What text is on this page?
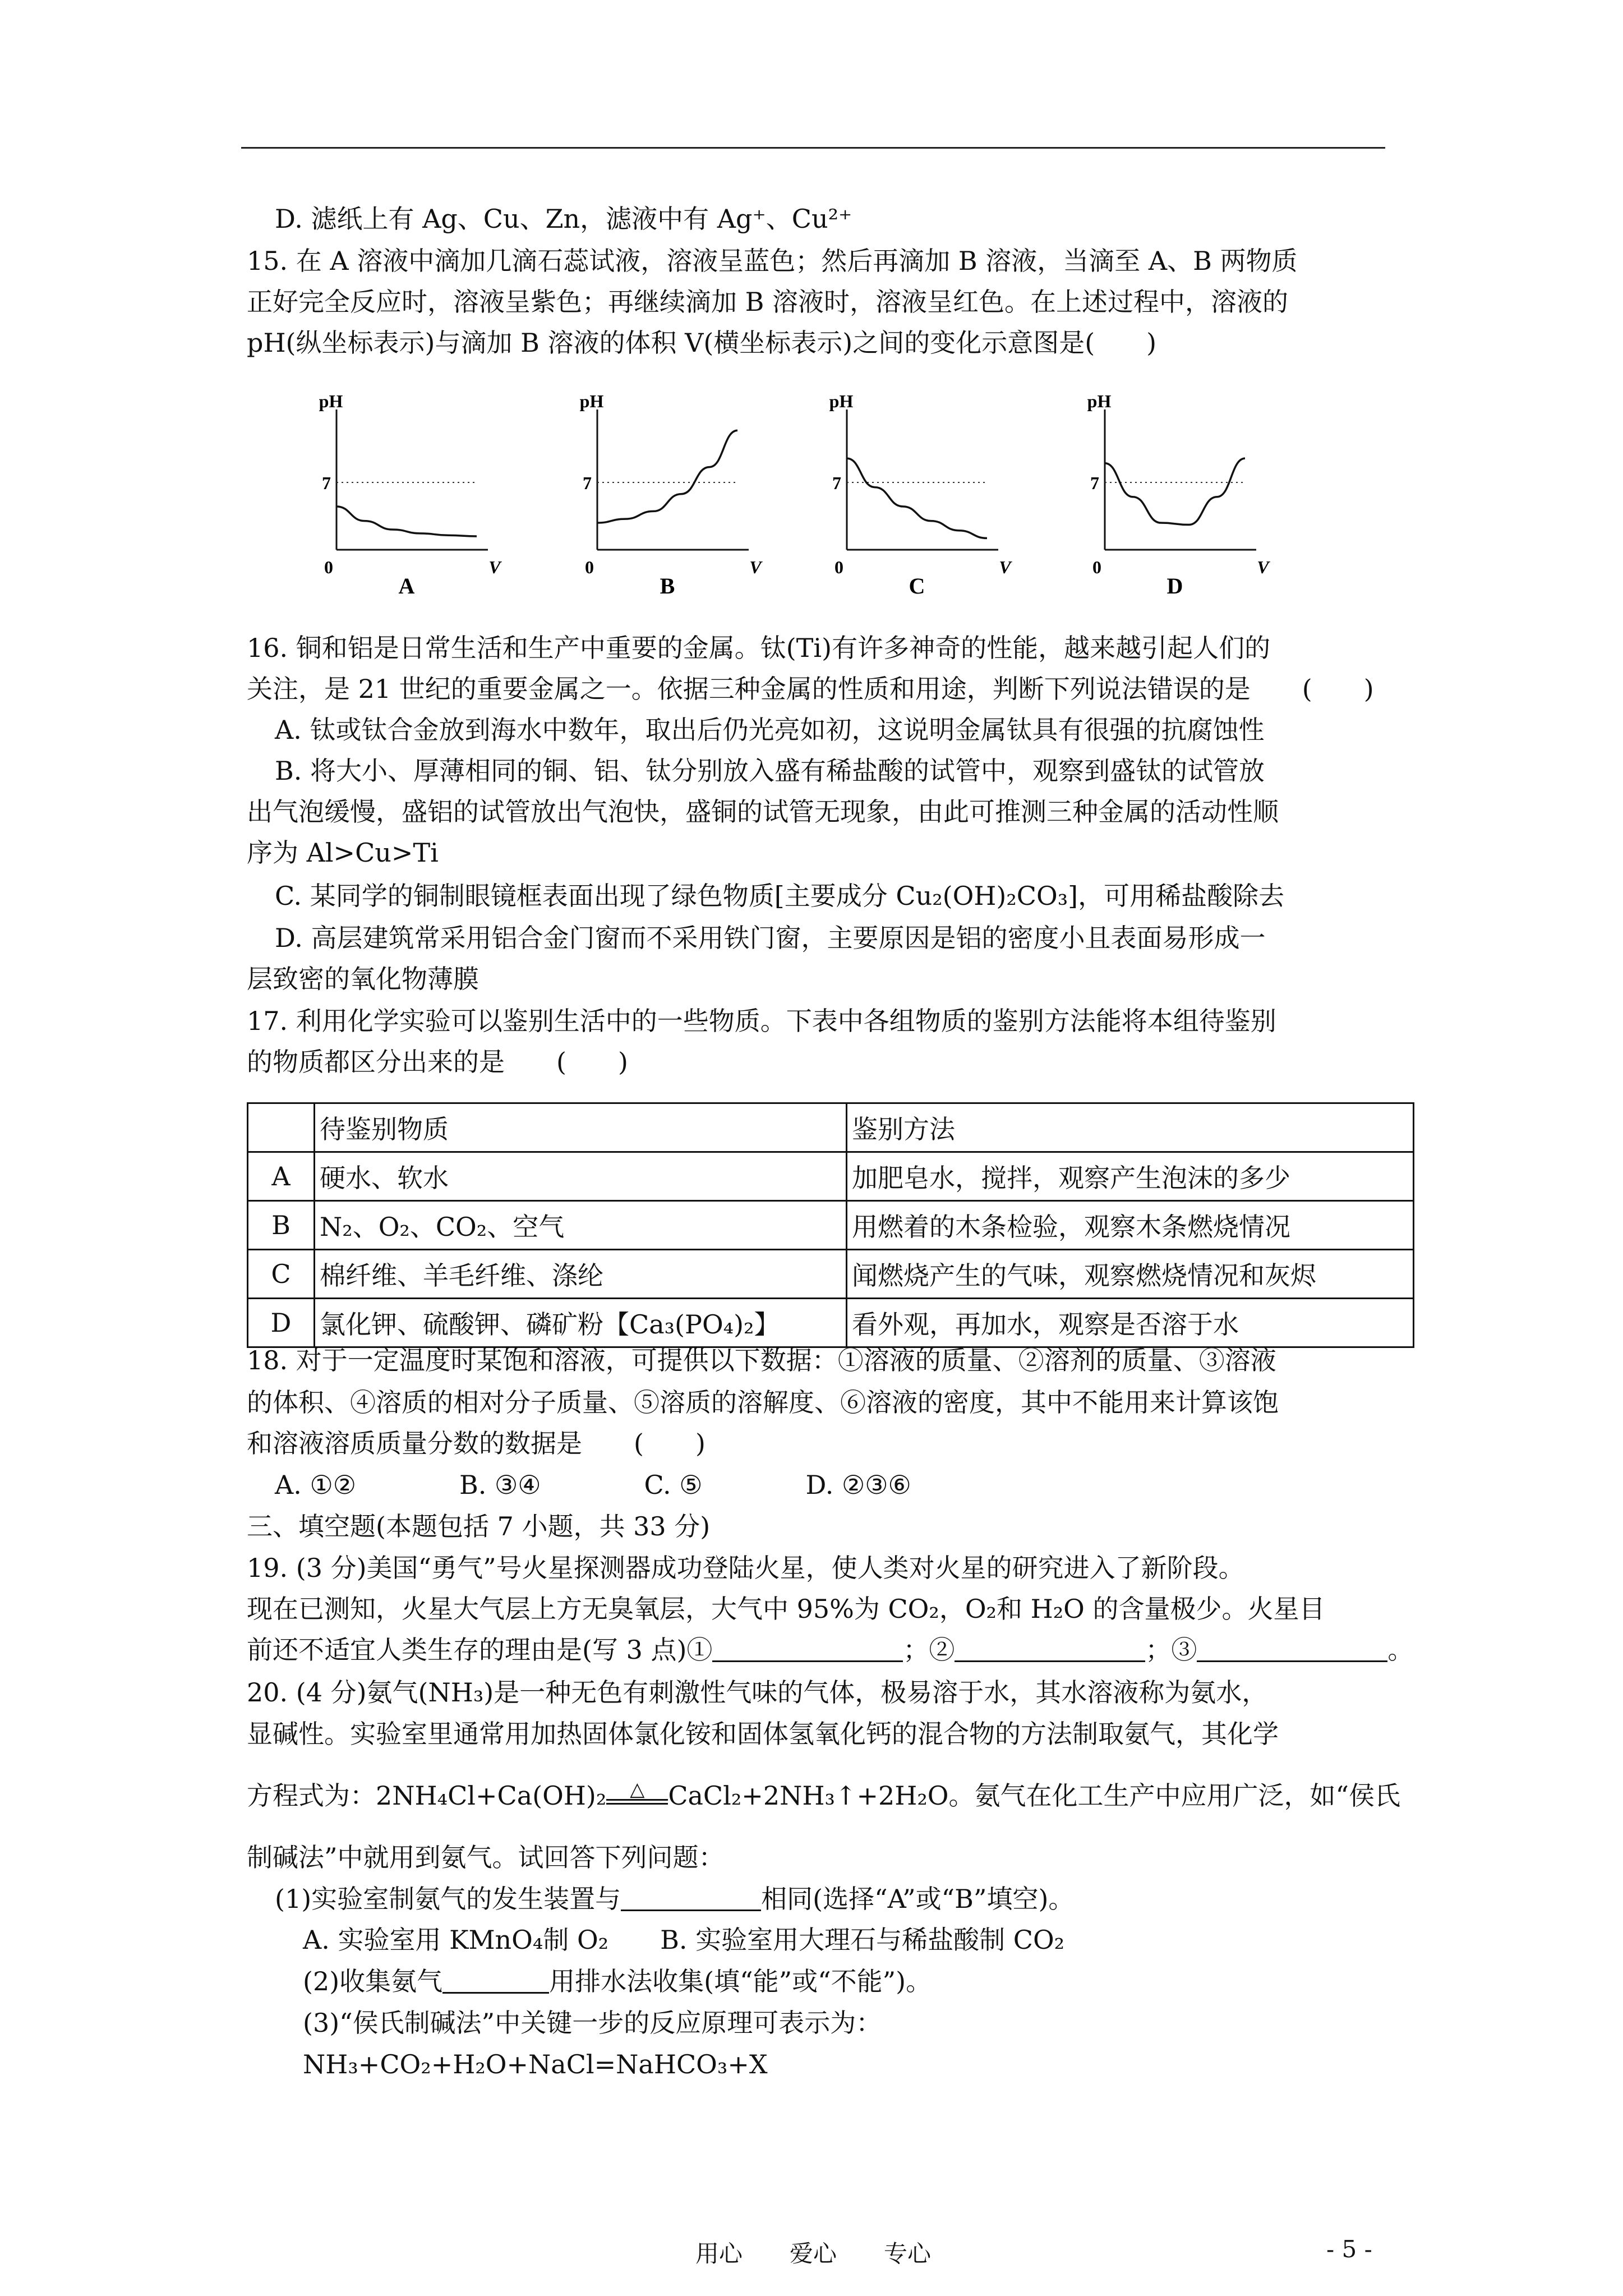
D. 滤纸上有 Ag、Cu、Zn，滤液中有 Ag⁺、Cu²⁺
15. 在 A 溶液中滴加几滴石蕊试液，溶液呈蓝色；然后再滴加 B 溶液，当滴至 A、B 两物质
正好完全反应时，溶液呈紫色；再继续滴加 B 溶液时，溶液呈红色。在上述过程中，溶液的
pH(纵坐标表示)与滴加 B 溶液的体积 V(横坐标表示)之间的变化示意图是(　　)
7
pH
0	V
A
7
pH
0	V
B
7
pH
0	V
C
7
pH
0	V
D
16. 铜和铝是日常生活和生产中重要的金属。钛(Ti)有许多神奇的性能，越来越引起人们的
关注，是 21 世纪的重要金属之一。依据三种金属的性质和用途，判断下列说法错误的是　　(　　)
A. 钛或钛合金放到海水中数年，取出后仍光亮如初，这说明金属钛具有很强的抗腐蚀性
B. 将大小、厚薄相同的铜、铝、钛分别放入盛有稀盐酸的试管中，观察到盛钛的试管放
出气泡缓慢，盛铝的试管放出气泡快，盛铜的试管无现象，由此可推测三种金属的活动性顺
序为 Al>Cu>Ti
C. 某同学的铜制眼镜框表面出现了绿色物质[主要成分 Cu₂(OH)₂CO₃]，可用稀盐酸除去
D. 高层建筑常采用铝合金门窗而不采用铁门窗，主要原因是铝的密度小且表面易形成一
层致密的氧化物薄膜
17. 利用化学实验可以鉴别生活中的一些物质。下表中各组物质的鉴别方法能将本组待鉴别
的物质都区分出来的是　　(　　)
	待鉴别物质	鉴别方法
A	硬水、软水	加肥皂水，搅拌，观察产生泡沫的多少
B	N₂、O₂、CO₂、空气	用燃着的木条检验，观察木条燃烧情况
C	棉纤维、羊毛纤维、涤纶	闻燃烧产生的气味，观察燃烧情况和灰烬
D	氯化钾、硫酸钾、磷矿粉【Ca₃(PO₄)₂】	看外观，再加水，观察是否溶于水
18. 对于一定温度时某饱和溶液，可提供以下数据：①溶液的质量、②溶剂的质量、③溶液
的体积、④溶质的相对分子质量、⑤溶质的溶解度、⑥溶液的密度，其中不能用来计算该饱
和溶液溶质质量分数的数据是　　(　　)
A. ①②　　　　B. ③④　　　　C. ⑤　　　　D. ②③⑥
三、填空题(本题包括 7 小题，共 33 分)
19. (3 分)美国“勇气”号火星探测器成功登陆火星，使人类对火星的研究进入了新阶段。
现在已测知，火星大气层上方无臭氧层，大气中 95%为 CO₂，O₂和 H₂O 的含量极少。火星目
前还不适宜人类生存的理由是(写 3 点)①	；②	；③	。
20. (4 分)氨气(NH₃)是一种无色有刺激性气味的气体，极易溶于水，其水溶液称为氨水，
显碱性。实验室里通常用加热固体氯化铵和固体氢氧化钙的混合物的方法制取氨气，其化学
方程式为：2NH₄Cl+Ca(OH)₂	△ CaCl₂+2NH₃↑+2H₂O。氨气在化工生产中应用广泛，如“侯氏
制碱法”中就用到氨气。试回答下列问题：
(1)实验室制氨气的发生装置与	相同(选择“A”或“B”填空)。
A. 实验室用 KMnO₄制 O₂　　B. 实验室用大理石与稀盐酸制 CO₂
(2)收集氨气	用排水法收集(填“能”或“不能”)。
(3)“侯氏制碱法”中关键一步的反应原理可表示为：
NH₃+CO₂+H₂O+NaCl=NaHCO₃+X
用心　　爱心　　专心	- 5 -
